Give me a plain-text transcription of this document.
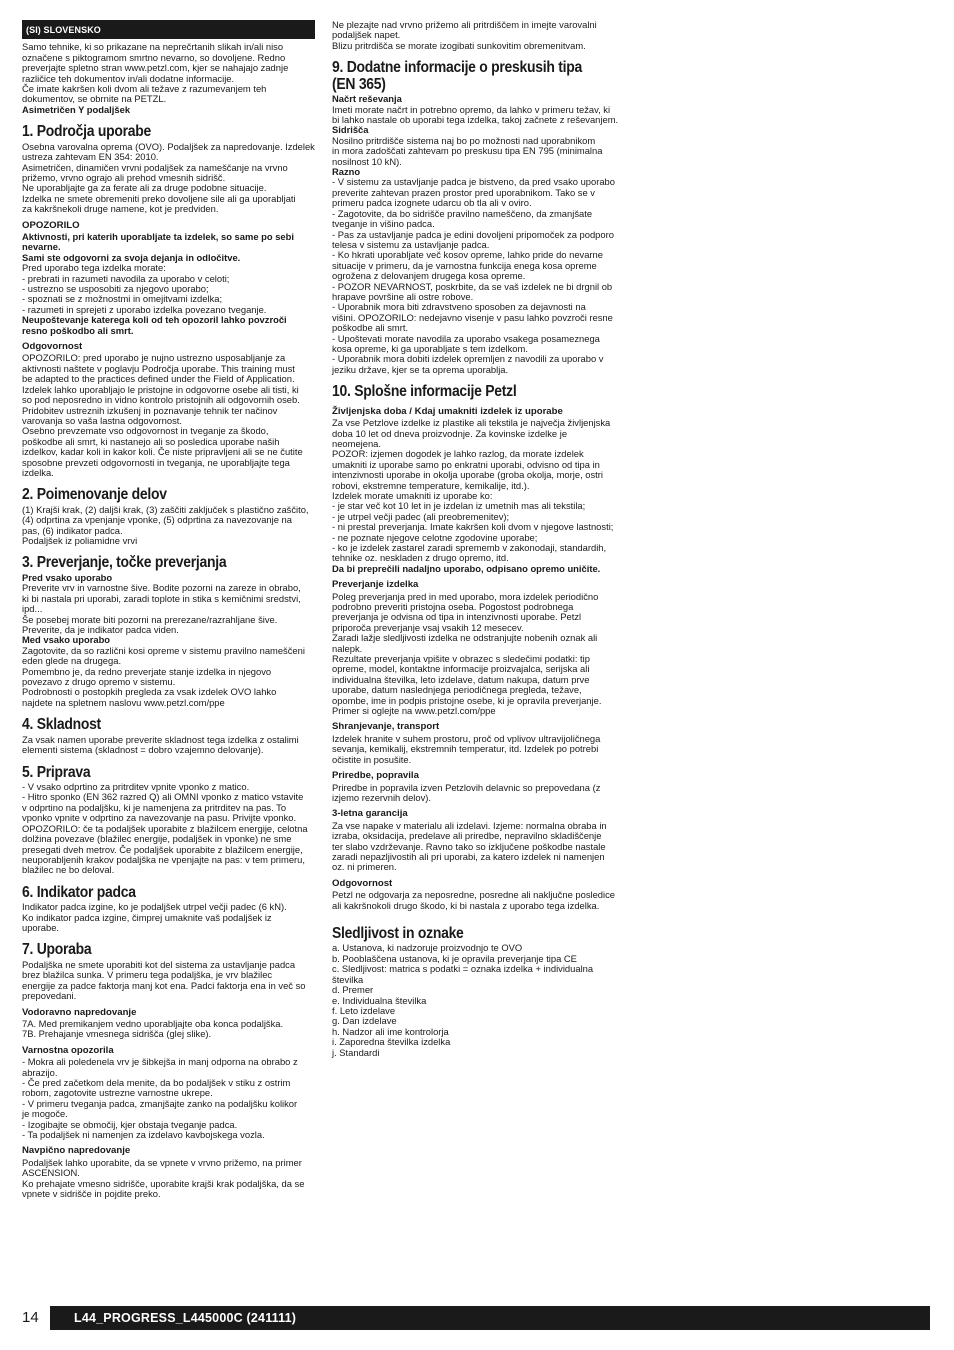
(SI) SLOVENSKO

Samo tehnike, ki so prikazane na neprečrtanih slikah in/ali niso
označene s piktogramom smrtno nevarno, so dovoljene. Redno
preverjajte spletno stran www.petzl.com, kjer se nahajajo zadnje
različice teh dokumentov in/ali dodatne informacije.
Če imate kakršen koli dvom ali težave z razumevanjem teh
dokumentov, se obrnite na PETZL.

Asimetričen Y podaljšek

1. Področja uporabe

Osebna varovalna oprema (OVO). Podaljšek za napredovanje. Izdelek
ustreza zahtevam EN 354: 2010.
Asimetričen, dinamičen vrvni podaljšek za nameščanje na vrvno
prižemo, vrvno ograjo ali prehod vmesnih sidrišč.
Ne uporabljajte ga za ferate ali za druge podobne situacije.
Izdelka ne smete obremeniti preko dovoljene sile ali ga uporabljati
za kakršnekoli druge namene, kot je predviden.

OPOZORILO

Aktivnosti, pri katerih uporabljate ta izdelek, so same po sebi
nevarne.
Sami ste odgovorni za svoja dejanja in odločitve.

Pred uporabo tega izdelka morate:
- prebrati in razumeti navodila za uporabo v celoti;
- ustrezno se usposobiti za njegovo uporabo;
- spoznati se z možnostmi in omejitvami izdelka;
- razumeti in sprejeti z uporabo izdelka povezano tveganje.

Neupoštevanje katerega koli od teh opozoril lahko povzroči
resno poškodbo ali smrt.

Odgovornost

OPOZORILO: pred uporabo je nujno ustrezno usposabljanje za
aktivnosti naštete v poglavju Področja uporabe. This training must
be adapted to the practices defined under the Field of Application.
Izdelek lahko uporabljajo le pristojne in odgovorne osebe ali tisti, ki
so pod neposredno in vidno kontrolo pristojnih ali odgovornih oseb.
Pridobitev ustreznih izkušenj in poznavanje tehnik ter načinov
varovanja so vaša lastna odgovornost.
Osebno prevzemate vso odgovornost in tveganje za škodo,
poškodbe ali smrt, ki nastanejo ali so posledica uporabe naših
izdelkov, kadar koli in kakor koli. Če niste pripravljeni ali se ne čutite
sposobne prevzeti odgovornosti in tveganja, ne uporabljajte tega
izdelka.

2. Poimenovanje delov

(1) Krajši krak, (2) daljši krak, (3) zaščiti zaključek s plastično zaščito,
(4) odprtina za vpenjanje vponke, (5) odprtina za navezovanje na
pas, (6) indikator padca.
Podaljšek iz poliamidne vrvi

3. Preverjanje, točke preverjanja

Pred vsako uporabo

Preverite vrv in varnostne šive. Bodite pozorni na zareze in obrabo,
ki bi nastala pri uporabi, zaradi toplote in stika s kemičnimi sredstvi,
ipd...
Še posebej morate biti pozorni na prerezane/razrahljane šive.
Preverite, da je indikator padca viden.

Med vsako uporabo

Zagotovite, da so različni kosi opreme v sistemu pravilno nameščeni
eden glede na drugega.
Pomembno je, da redno preverjate stanje izdelka in njegovo
povezavo z drugo opremo v sistemu.
Podrobnosti o postopkih pregleda za vsak izdelek OVO lahko
najdete na spletnem naslovu www.petzl.com/ppe

4. Skladnost

Za vsak namen uporabe preverite skladnost tega izdelka z ostalimi
elementi sistema (skladnost = dobro vzajemno delovanje).

5. Priprava

- V vsako odprtino za pritrditev vpnite vponko z matico.
- Hitro sponko (EN 362 razred Q) ali OMNI vponko z matico vstavite
v odprtino na podaljšku, ki je namenjena za pritrditev na pas. To
vponko vpnite v odprtino za navezovanje na pasu. Privijte vponko.
OPOZORILO: če ta podaljšek uporabite z blažilcem energije, celotna
dolžina povezave (blažilec energije, podaljšek in vponke) ne sme
presegati dveh metrov. Če podaljšek uporabite z blažilcem energije,
neuporabljenih krakov podaljška ne vpenjajte na pas: v tem primeru,
blažilec ne bo deloval.

6. Indikator padca

Indikator padca izgine, ko je podaljšek utrpel večji padec (6 kN).
Ko indikator padca izgine, čimprej umaknite vaš podaljšek iz
uporabe.

7. Uporaba

Podaljška ne smete uporabiti kot del sistema za ustavljanje padca
brez blažilca sunka. V primeru tega podaljška, je vrv blažilec
energije za padce faktorja manj kot ena. Padci faktorja ena in več so
prepovedani.

Vodoravno napredovanje

7A. Med premikanjem vedno uporabljajte oba konca podaljška.
7B. Prehajanje vmesnega sidrišča (glej slike).

Varnostna opozorila

- Mokra ali poledenela vrv je šibkejša in manj odporna na obrabo z
abrazijo.
- Če pred začetkom dela menite, da bo podaljšek v stiku z ostrim
robom, zagotovite ustrezne varnostne ukrepe.
- V primeru tveganja padca, zmanjšajte zanko na podaljšku kolikor
je mogoče.
- Izogibajte se območij, kjer obstaja tveganje padca.
- Ta podaljšek ni namenjen za izdelavo kavbojskega vozla.

Navpično napredovanje

Podaljšek lahko uporabite, da se vpnete v vrvno prižemo, na primer
ASCENSION.
Ko prehajate vmesno sidrišče, uporabite krajši krak podaljška, da se
vpnete v sidrišče in pojdite preko.

Ne plezajte nad vrvno prižemo ali pritrdiščem in imejte varovalni
podaljšek napet.
Blizu pritrdišča se morate izogibati sunkovitim obremenitvam.

9. Dodatne informacije o preskusih tipa
(EN 365)

Načrt reševanja

Imeti morate načrt in potrebno opremo, da lahko v primeru težav, ki
bi lahko nastale ob uporabi tega izdelka, takoj začnete z reševanjem.

Sidrišča

Nosilno pritrdišče sistema naj bo po možnosti nad uporabnikom
in mora zadoščati zahtevam po preskusu tipa EN 795 (minimalna
nosilnost 10 kN).

Razno

- V sistemu za ustavljanje padca je bistveno, da pred vsako uporabo
preverite zahtevan prazen prostor pred uporabnikom. Tako se v
primeru padca izognete udarcu ob tla ali v oviro.
- Zagotovite, da bo sidrišče pravilno nameščeno, da zmanjšate
tveganje in višino padca.
- Pas za ustavljanje padca je edini dovoljeni pripomoček za podporo
telesa v sistemu za ustavljanje padca.
- Ko hkrati uporabljate več kosov opreme, lahko pride do nevarne
situacije v primeru, da je varnostna funkcija enega kosa opreme
ogrožena z delovanjem drugega kosa opreme.
- POZOR NEVARNOST, poskrbite, da se vaš izdelek ne bi drgnil ob
hrapave površine ali ostre robove.
- Uporabnik mora biti zdravstveno sposoben za dejavnosti na
višini. OPOZORILO: nedejavno visenje v pasu lahko povzroči resne
poškodbe ali smrt.
- Upoštevati morate navodila za uporabo vsakega posameznega
kosa opreme, ki ga uporabljate s tem izdelkom.
- Uporabnik mora dobiti izdelek opremljen z navodili za uporabo v
jeziku države, kjer se ta oprema uporablja.

10. Splošne informacije Petzl
Življenjska doba / Kdaj umakniti izdelek iz uporabe

Za vse Petzlove izdelke iz plastike ali tekstila je največja življenjska
doba 10 let od dneva proizvodnje. Za kovinske izdelke je
neomejena.
POZOR: izjemen dogodek je lahko razlog, da morate izdelek
umakniti iz uporabe samo po enkratni uporabi, odvisno od tipa in
intenzivnosti uporabe in okolja uporabe (groba okolja, morje, ostri
robovi, ekstremne temperature, kemikalije, itd.).
Izdelek morate umakniti iz uporabe ko:
- je star več kot 10 let in je izdelan iz umetnih mas ali tekstila;
- je utrpel večji padec (ali preobremenitev);
- ni prestal preverjanja. Imate kakršen koli dvom v njegove lastnosti;
- ne poznate njegove celotne zgodovine uporabe;
- ko je izdelek zastarel zaradi sprememb v zakonodaji, standardih,
tehnike oz. neskladen z drugo opremo, itd.

Da bi preprečili nadaljno uporabo, odpisano opremo uničite.

Preverjanje izdelka

Poleg preverjanja pred in med uporabo, mora izdelek periodično
podrobno preveriti pristojna oseba. Pogostost podrobnega
preverjanja je odvisna od tipa in intenzivnosti uporabe. Petzl
priporoča preverjanje vsaj vsakih 12 mesecev.
Zaradi lažje sledljivosti izdelka ne odstranjujte nobenih oznak ali
nalepk.
Rezultate preverjanja vpišite v obrazec s sledečimi podatki: tip
opreme, model, kontaktne informacije proizvajalca, serijska ali
individualna številka, leto izdelave, datum nakupa, datum prve
uporabe, datum naslednjega periodičnega pregleda, težave,
opombe, ime in podpis pristojne osebe, ki je opravila preverjanje.
Primer si oglejte na www.petzl.com/ppe

Shranjevanje, transport

Izdelek hranite v suhem prostoru, proč od vplivov ultravijoličnega
sevanja, kemikalij, ekstremnih temperatur, itd. Izdelek po potrebi
očistite in posušite.

Priredbe, popravila

Priredbe in popravila izven Petzlovih delavnic so prepovedana (z
izjemo rezervnih delov).

3-letna garancija

Za vse napake v materialu ali izdelavi. Izjeme: normalna obraba in
izraba, oksidacija, predelave ali priredbe, nepravilno skladiščenje
ter slabo vzdrževanje. Ravno tako so izključene poškodbe nastale
zaradi nepazljivostih ali pri uporabi, za katero izdelek ni namenjen
oz. ni primeren.

Odgovornost

Petzl ne odgovarja za neposredne, posredne ali naključne posledice
ali kakršnokoli drugo škodo, ki bi nastala z uporabo tega izdelka.

Sledljivost in oznake

a. Ustanova, ki nadzoruje proizvodnjo te OVO
b. Pooblaščena ustanova, ki je opravila preverjanje tipa CE
c. Sledljivost: matrica s podatki = oznaka izdelka + individualna
številka
d. Premer
e. Individualna številka
f. Leto izdelave
g. Dan izdelave
h. Nadzor ali ime kontrolorja
i. Zaporedna številka izdelka
j. Standardi

14	L44_PROGRESS_L445000C (241111)
